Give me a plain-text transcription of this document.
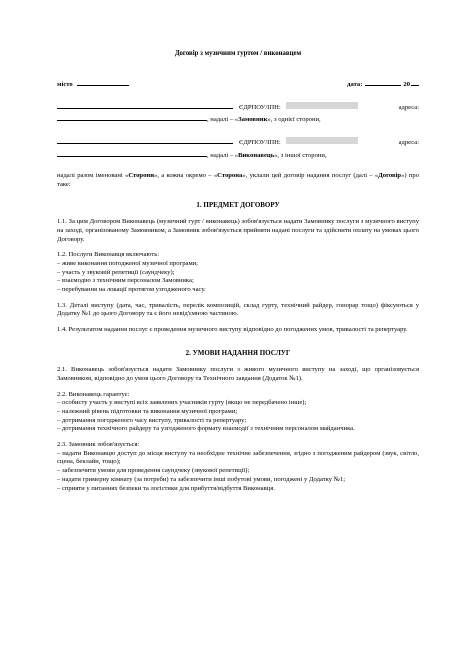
Договір з музичним гуртом / виконавцем
місто	дата:	20
ЄДРПОУ/ІПН:	адреса:
, надалі – « Замовник », з однієї сторони,
ЄДРПОУ/ІПН:	адреса:
, надалі – « Виконавець », з іншої сторони,

надалі разом іменовані «Сторони», а кожна окремо – «Сторона», уклали цей договір надання послуг (далі – «Договір») про таке:

1. ПРЕДМЕТ ДОГОВОРУ

1.1. За цим Договором Виконавець (музичний гурт / виконавець) зобов'язується надати Замовнику послуги з музичного виступу на заході, організованому Замовником, а Замовник зобов'язується прийняти надані послуги та здійснити оплату на умовах цього Договору.

1.2. Послуги Виконавця включають:

– живе виконання погодженої музичної програми;

– участь у звуковій репетиції (саундчеку);

– взаємодію з технічним персоналом Замовника;

– перебування на локації протягом узгодженого часу.

1.3. Деталі виступу (дата, час, тривалість, перелік композицій, склад гурту, технічний райдер, гонорар тощо) фіксуються у Додатку №1 до цього Договору та є його невід'ємною частиною.

1.4. Результатом надання послуг є проведення музичного виступу відповідно до погоджених умов, тривалості та репертуару.

2. УМОВИ НАДАННЯ ПОСЛУГ

2.1. Виконавець зобов'язується надати Замовнику послуги з живого музичного виступу на заході, що організовується Замовником, відповідно до умов цього Договору та Технічного завдання (Додаток №1).

2.2. Виконавець гарантує:

– особисту участь у виступі всіх заявлених учасників гурту (якщо не передбачено інше);

– належний рівень підготовки та виконання музичної програми;

– дотримання погодженого часу виступу, тривалості та репертуару;

– дотримання технічного райдеру та узгодженого формату взаємодії з технічним персоналом майданчика.

2.3. Замовник зобов'язується:

– надати Виконавцю доступ до місця виступу та необхідне технічне забезпечення, згідно з погодженим райдером (звук, світло, сцена, беклайн, тощо);

– забезпечити умови для проведення саундчеку (звукової репетиції);

– надати гримерну кімнату (за потреби) та забезпечити інші побутові умови, погоджені у Додатку №1;

– сприяти у питаннях безпеки та логістики для прибуття/відбуття Виконавця.
